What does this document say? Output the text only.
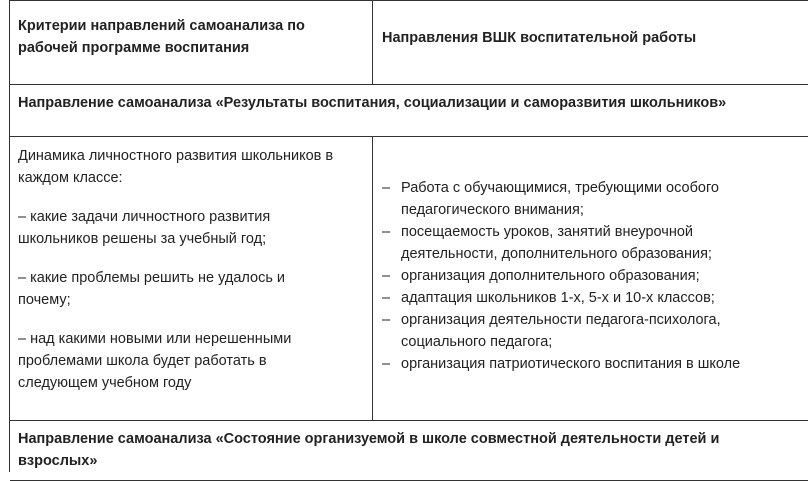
Критерии направлений самоанализа по рабочей программе воспитания
Направления ВШК воспитательной работы
Направление самоанализа «Результаты воспитания, социализации и саморазвития школьников»

Динамика личностного развития школьников в каждом классе:

– какие задачи личностного развития школьников решены за учебный год;

– какие проблемы решить не удалось и почему;

– над какими новыми или нерешенными проблемами школа будет работать в следующем учебном году

– Работа с обучающимися, требующими особого педагогического внимания;
– посещаемость уроков, занятий внеурочной деятельности, дополнительного образования;
– организация дополнительного образования;
– адаптация школьников 1-х, 5-х и 10-х классов;
– организация деятельности педагога-психолога, социального педагога;
– организация патриотического воспитания в школе
Направление самоанализа «Состояние организуемой в школе совместной деятельности детей и взрослых»
